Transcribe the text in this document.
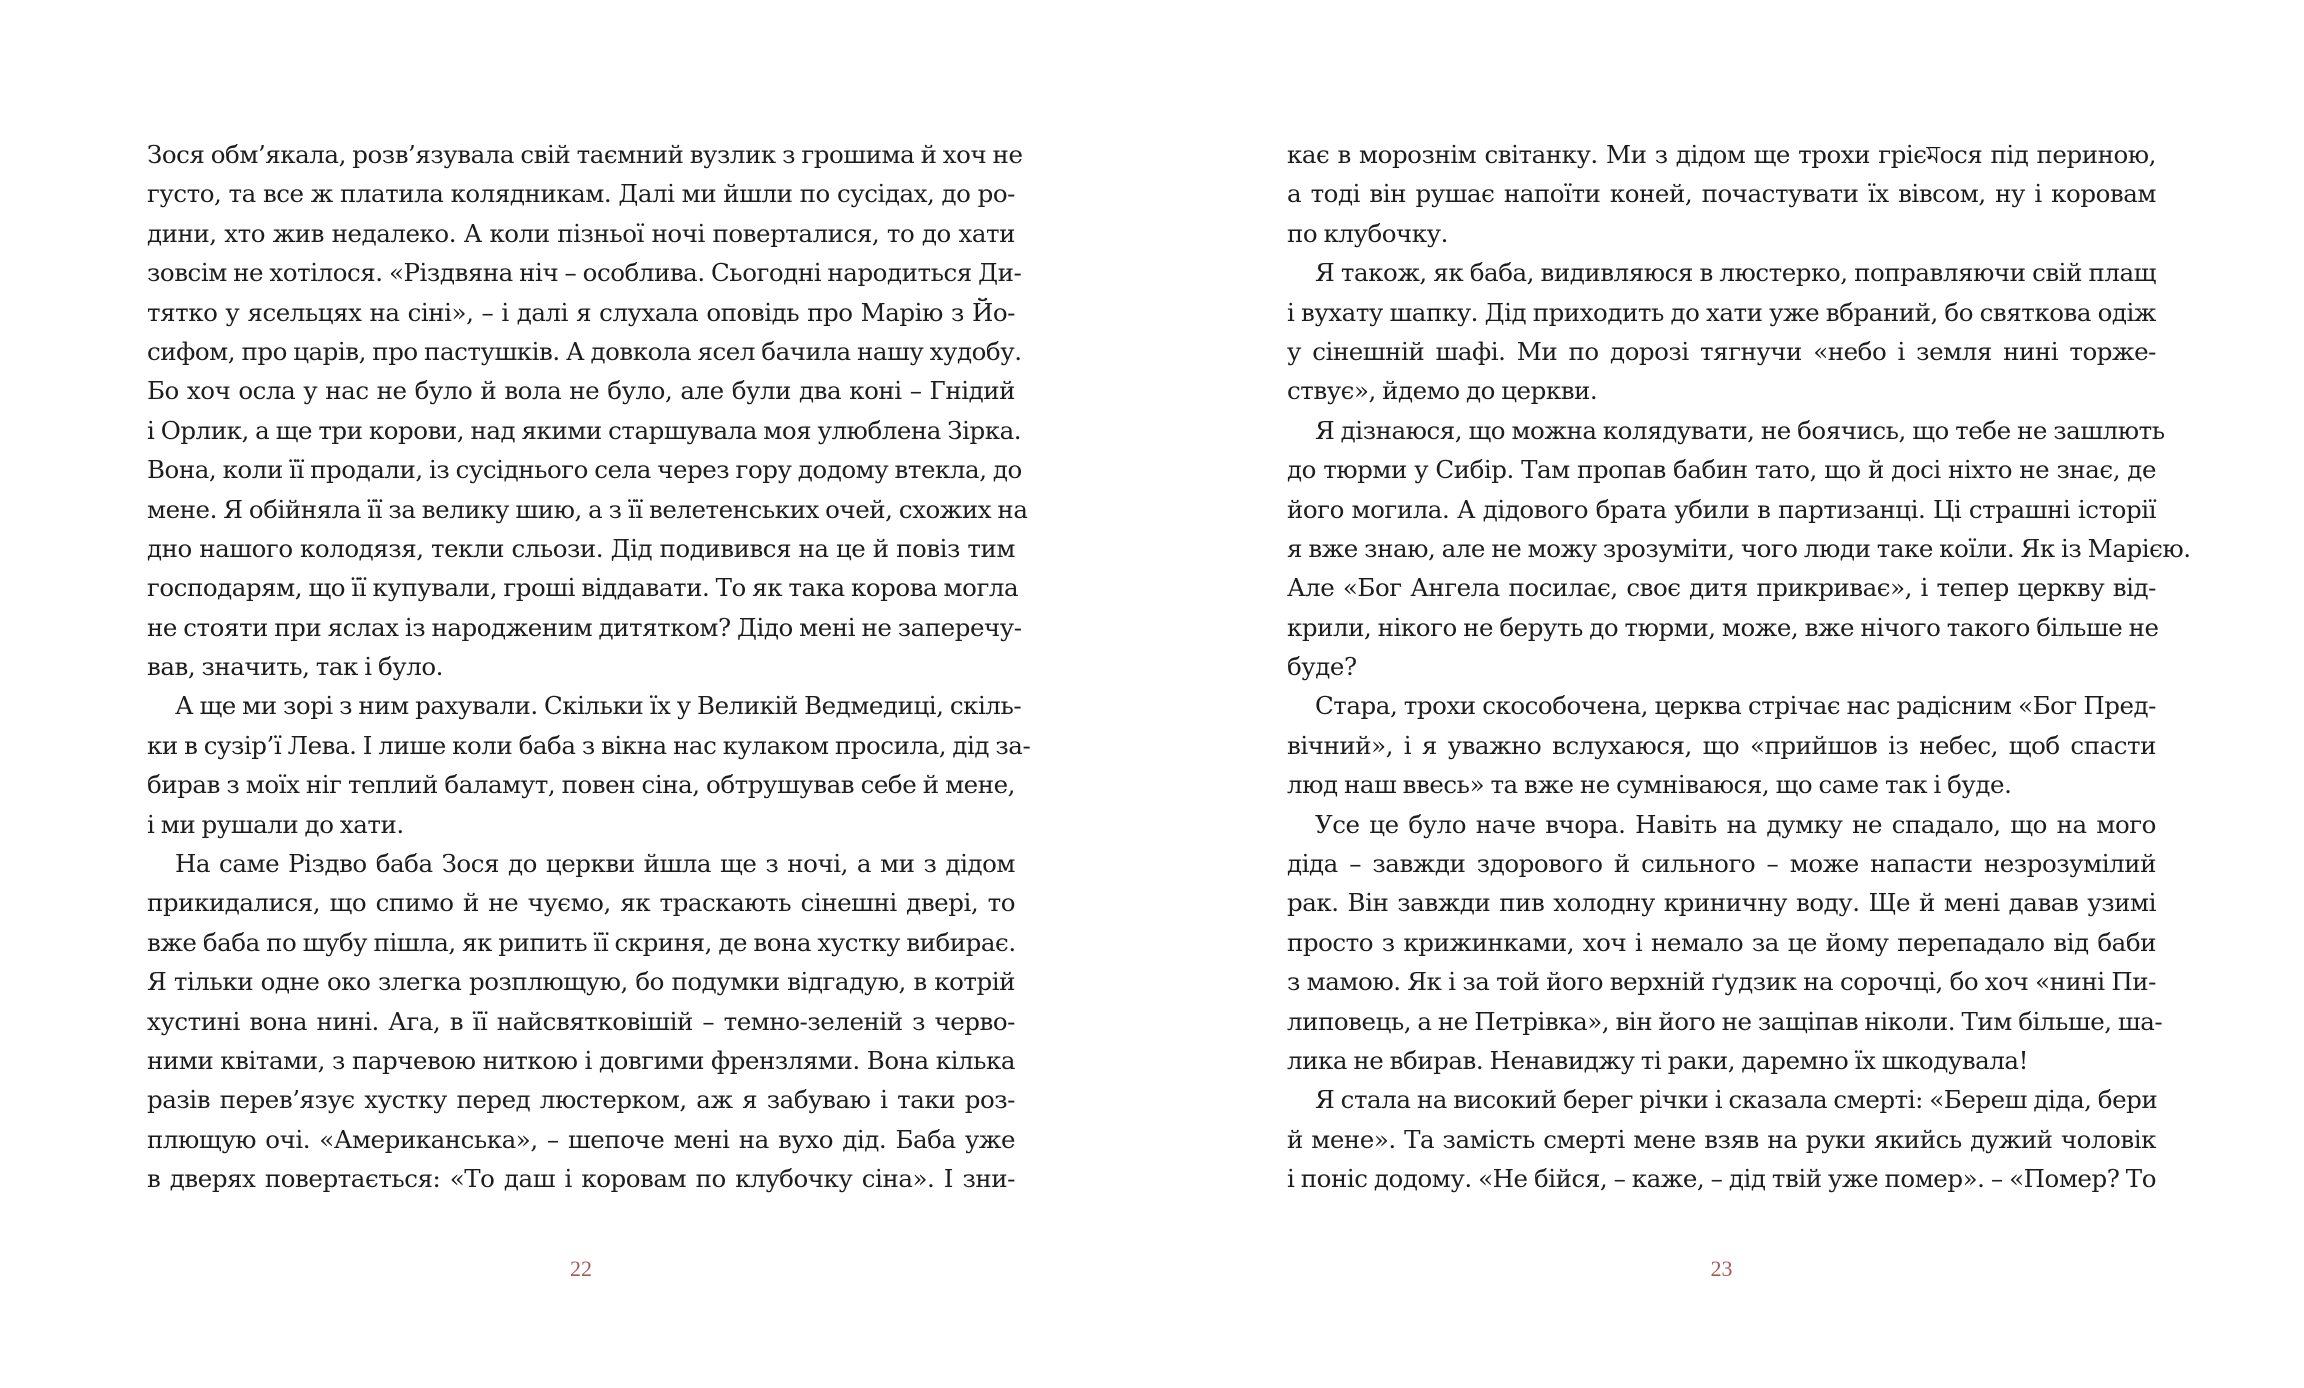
Зося обм’якала, розв’язувала свій таємний вузлик з грошима й хоч не
густо, та все ж платила колядникам. Далі ми йшли по сусідах, до ро-
дини, хто жив недалеко. А коли пізньої ночі поверталися, то до хати
зовсім не хотілося. «Різдвяна ніч – особлива. Сьогодні народиться Ди-
тятко у ясельцях на сіні», – і далі я слухала оповідь про Марію з Йо-
сифом, про царів, про пастушків. А довкола ясел бачила нашу худобу.
Бо хоч осла у нас не було й вола не було, але були два коні – Гнідий
і Орлик, а ще три корови, над якими старшувала моя улюблена Зірка.
Вона, коли її продали, із сусіднього села через гору додому втекла, до
мене. Я обійняла її за велику шию, а з її велетенських очей, схожих на
дно нашого колодязя, текли сльози. Дід подивився на це й повіз тим
господарям, що її купували, гроші віддавати. То як така корова могла
не стояти при яслах із народженим дитятком? Дідо мені не заперечу-
вав, значить, так і було.
А ще ми зорі з ним рахували. Скільки їх у Великій Ведмедиці, скіль-
ки в сузір’ї Лева. І лише коли баба з вікна нас кулаком просила, дід за-
бирав з моїх ніг теплий баламут, повен сіна, обтрушував себе й мене,
і ми рушали до хати.
На саме Різдво баба Зося до церкви йшла ще з ночі, а ми з дідом
прикидалися, що спимо й не чуємо, як траскають сінешні двері, то
вже баба по шубу пішла, як рипить її скриня, де вона хустку вибирає.
Я тільки одне око злегка розплющую, бо подумки відгадую, в котрій
хустині вона нині. Ага, в її найсвятковішій – темно-зеленій з черво-
ними квітами, з парчевою ниткою і довгими френзлями. Вона кілька
разів перев’язує хустку перед люстерком, аж я забуваю і таки роз-
плющую очі. «Американська», – шепоче мені на вухо дід. Баба уже
в дверях повертається: «То даш і коровам по клубочку сіна». І зни-
22
кає в морознім світанку. Ми з дідом ще трохи грієমося під периною,
а тоді він рушає напоїти коней, почастувати їх вівсом, ну і коровам
по клубочку.
Я також, як баба, видивляюся в люстерко, поправляючи свій плащ
і вухату шапку. Дід приходить до хати уже вбраний, бо святкова одіж
у сінешній шафі. Ми по дорозі тягнучи «небо і земля нині торже-
ствує», йдемо до церкви.
Я дізнаюся, що можна колядувати, не боячись, що тебе не зашлють
до тюрми у Сибір. Там пропав бабин тато, що й досі ніхто не знає, де
його могила. А дідового брата убили в партизанці. Ці страшні історії
я вже знаю, але не можу зрозуміти, чого люди таке коїли. Як із Марією.
Але «Бог Ангела посилає, своє дитя прикриває», і тепер церкву від-
крили, нікого не беруть до тюрми, може, вже нічого такого більше не
буде?
Стара, трохи скособочена, церква стрічає нас радісним «Бог Пред-
вічний», і я уважно вслухаюся, що «прийшов із небес, щоб спасти
люд наш ввесь» та вже не сумніваюся, що саме так і буде.
Усе це було наче вчора. Навіть на думку не спадало, що на мого
діда – завжди здорового й сильного – може напасти незрозумілий
рак. Він завжди пив холодну криничну воду. Ще й мені давав узимі
просто з крижинками, хоч і немало за це йому перепадало від баби
з мамою. Як і за той його верхній ґудзик на сорочці, бо хоч «нині Пи-
липовець, а не Петрівка», він його не защіпав ніколи. Тим більше, ша-
лика не вбирав. Ненавиджу ті раки, даремно їх шкодувала!
Я стала на високий берег річки і сказала смерті: «Береш діда, бери
й мене». Та замість смерті мене взяв на руки якийсь дужий чоловік
і поніс додому. «Не бійся, – каже, – дід твій уже помер». – «Помер? То
23
